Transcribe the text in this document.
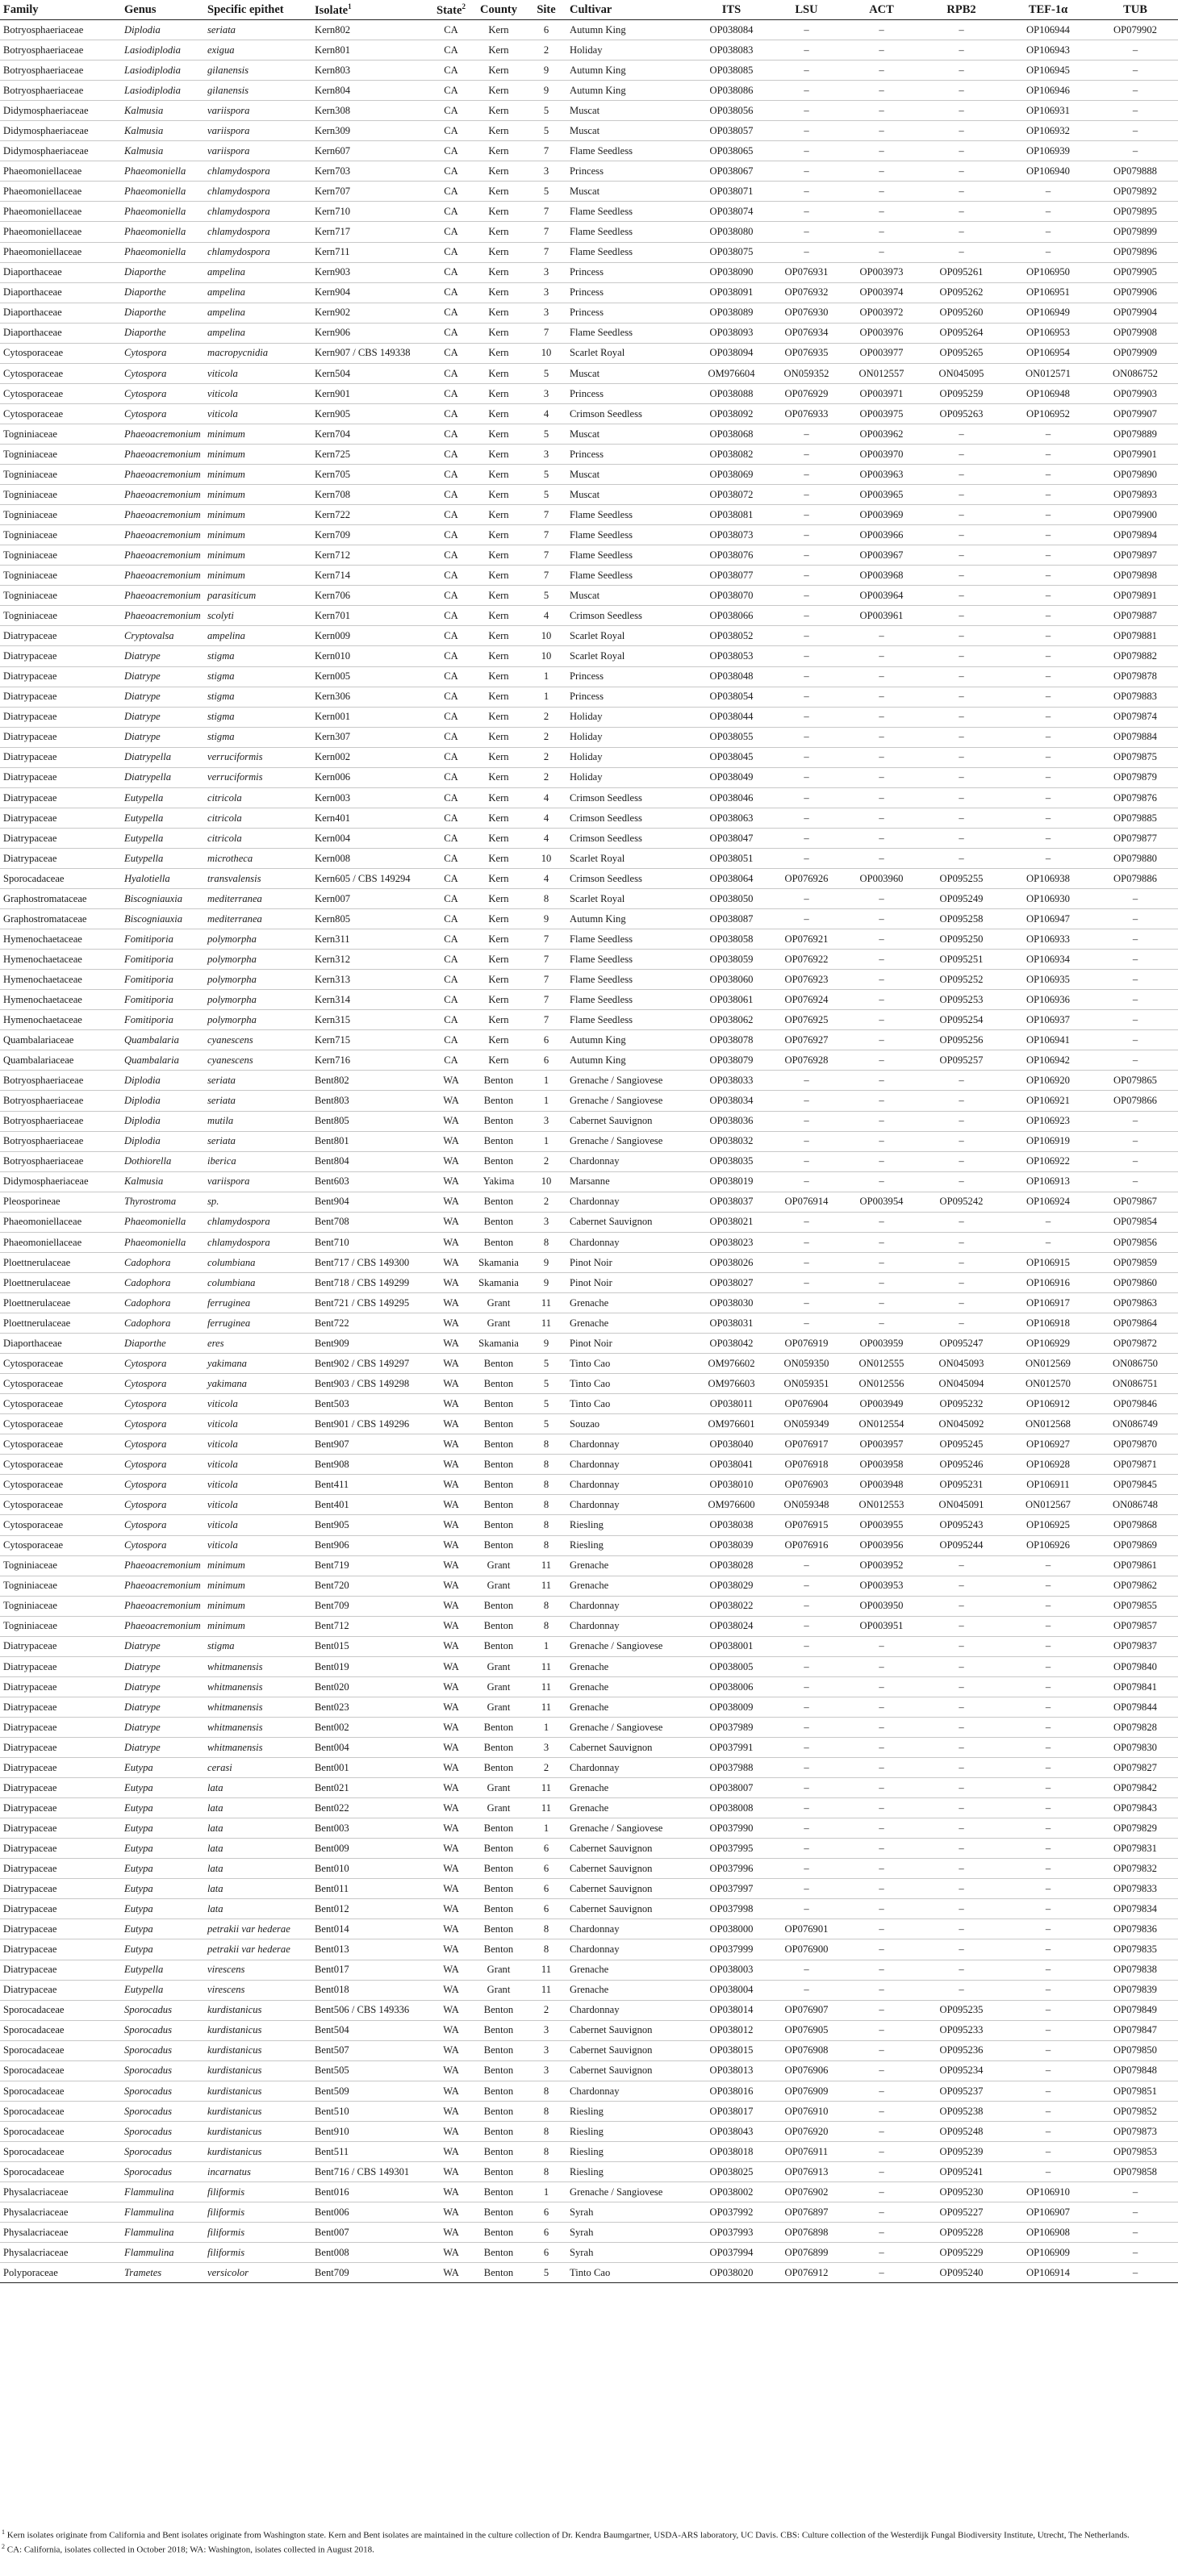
Family	Genus	Specific epithet	Isolate$^1$	State$^2$	County	Site	Cultivar	ITS	LSU	ACT	RPB2	TEF-1α	TUB
Botryosphaeriaceae	Diplodia	seriata	Kern802	CA	Kern	6	Autumn King	OP038084	–	–	–	OP106944	OP079902
Botryosphaeriaceae	Lasiodiplodia	exigua	Kern801	CA	Kern	2	Holiday	OP038083	–	–	–	OP106943	–
Botryosphaeriaceae	Lasiodiplodia	gilanensis	Kern803	CA	Kern	9	Autumn King	OP038085	–	–	–	OP106945	–
Botryosphaeriaceae	Lasiodiplodia	gilanensis	Kern804	CA	Kern	9	Autumn King	OP038086	–	–	–	OP106946	–
Didymosphaeriaceae	Kalmusia	variispora	Kern308	CA	Kern	5	Muscat	OP038056	–	–	–	OP106931	–
Didymosphaeriaceae	Kalmusia	variispora	Kern309	CA	Kern	5	Muscat	OP038057	–	–	–	OP106932	–
Didymosphaeriaceae	Kalmusia	variispora	Kern607	CA	Kern	7	Flame Seedless	OP038065	–	–	–	OP106939	–
Phaeomoniellaceae	Phaeomoniella	chlamydospora	Kern703	CA	Kern	3	Princess	OP038067	–	–	–	OP106940	OP079888
Phaeomoniellaceae	Phaeomoniella	chlamydospora	Kern707	CA	Kern	5	Muscat	OP038071	–	–	–	–	OP079892
Phaeomoniellaceae	Phaeomoniella	chlamydospora	Kern710	CA	Kern	7	Flame Seedless	OP038074	–	–	–	–	OP079895
Phaeomoniellaceae	Phaeomoniella	chlamydospora	Kern717	CA	Kern	7	Flame Seedless	OP038080	–	–	–	–	OP079899
Phaeomoniellaceae	Phaeomoniella	chlamydospora	Kern711	CA	Kern	7	Flame Seedless	OP038075	–	–	–	–	OP079896
Diaporthaceae	Diaporthe	ampelina	Kern903	CA	Kern	3	Princess	OP038090	OP076931	OP003973	OP095261	OP106950	OP079905
Diaporthaceae	Diaporthe	ampelina	Kern904	CA	Kern	3	Princess	OP038091	OP076932	OP003974	OP095262	OP106951	OP079906
Diaporthaceae	Diaporthe	ampelina	Kern902	CA	Kern	3	Princess	OP038089	OP076930	OP003972	OP095260	OP106949	OP079904
Diaporthaceae	Diaporthe	ampelina	Kern906	CA	Kern	7	Flame Seedless	OP038093	OP076934	OP003976	OP095264	OP106953	OP079908
Cytosporaceae	Cytospora	macropycnidia	Kern907 / CBS 149338	CA	Kern	10	Scarlet Royal	OP038094	OP076935	OP003977	OP095265	OP106954	OP079909
Cytosporaceae	Cytospora	viticola	Kern504	CA	Kern	5	Muscat	OM976604	ON059352	ON012557	ON045095	ON012571	ON086752
Cytosporaceae	Cytospora	viticola	Kern901	CA	Kern	3	Princess	OP038088	OP076929	OP003971	OP095259	OP106948	OP079903
Cytosporaceae	Cytospora	viticola	Kern905	CA	Kern	4	Crimson Seedless	OP038092	OP076933	OP003975	OP095263	OP106952	OP079907
Togniniaceae	Phaeoacremonium	minimum	Kern704	CA	Kern	5	Muscat	OP038068	–	OP003962	–	–	OP079889
Togniniaceae	Phaeoacremonium	minimum	Kern725	CA	Kern	3	Princess	OP038082	–	OP003970	–	–	OP079901
Togniniaceae	Phaeoacremonium	minimum	Kern705	CA	Kern	5	Muscat	OP038069	–	OP003963	–	–	OP079890
Togniniaceae	Phaeoacremonium	minimum	Kern708	CA	Kern	5	Muscat	OP038072	–	OP003965	–	–	OP079893
Togniniaceae	Phaeoacremonium	minimum	Kern722	CA	Kern	7	Flame Seedless	OP038081	–	OP003969	–	–	OP079900
Togniniaceae	Phaeoacremonium	minimum	Kern709	CA	Kern	7	Flame Seedless	OP038073	–	OP003966	–	–	OP079894
Togniniaceae	Phaeoacremonium	minimum	Kern712	CA	Kern	7	Flame Seedless	OP038076	–	OP003967	–	–	OP079897
Togniniaceae	Phaeoacremonium	minimum	Kern714	CA	Kern	7	Flame Seedless	OP038077	–	OP003968	–	–	OP079898
Togniniaceae	Phaeoacremonium	parasiticum	Kern706	CA	Kern	5	Muscat	OP038070	–	OP003964	–	–	OP079891
Togniniaceae	Phaeoacremonium	scolyti	Kern701	CA	Kern	4	Crimson Seedless	OP038066	–	OP003961	–	–	OP079887
Diatrypaceae	Cryptovalsa	ampelina	Kern009	CA	Kern	10	Scarlet Royal	OP038052	–	–	–	–	OP079881
Diatrypaceae	Diatrype	stigma	Kern010	CA	Kern	10	Scarlet Royal	OP038053	–	–	–	–	OP079882
Diatrypaceae	Diatrype	stigma	Kern005	CA	Kern	1	Princess	OP038048	–	–	–	–	OP079878
Diatrypaceae	Diatrype	stigma	Kern306	CA	Kern	1	Princess	OP038054	–	–	–	–	OP079883
Diatrypaceae	Diatrype	stigma	Kern001	CA	Kern	2	Holiday	OP038044	–	–	–	–	OP079874
Diatrypaceae	Diatrype	stigma	Kern307	CA	Kern	2	Holiday	OP038055	–	–	–	–	OP079884
Diatrypaceae	Diatrypella	verruciformis	Kern002	CA	Kern	2	Holiday	OP038045	–	–	–	–	OP079875
Diatrypaceae	Diatrypella	verruciformis	Kern006	CA	Kern	2	Holiday	OP038049	–	–	–	–	OP079879
Diatrypaceae	Eutypella	citricola	Kern003	CA	Kern	4	Crimson Seedless	OP038046	–	–	–	–	OP079876
Diatrypaceae	Eutypella	citricola	Kern401	CA	Kern	4	Crimson Seedless	OP038063	–	–	–	–	OP079885
Diatrypaceae	Eutypella	citricola	Kern004	CA	Kern	4	Crimson Seedless	OP038047	–	–	–	–	OP079877
Diatrypaceae	Eutypella	microtheca	Kern008	CA	Kern	10	Scarlet Royal	OP038051	–	–	–	–	OP079880
Sporocadaceae	Hyalotiella	transvalensis	Kern605 / CBS 149294	CA	Kern	4	Crimson Seedless	OP038064	OP076926	OP003960	OP095255	OP106938	OP079886
Graphostromataceae	Biscogniauxia	mediterranea	Kern007	CA	Kern	8	Scarlet Royal	OP038050	–	–	OP095249	OP106930	–
Graphostromataceae	Biscogniauxia	mediterranea	Kern805	CA	Kern	9	Autumn King	OP038087	–	–	OP095258	OP106947	–
Hymenochaetaceae	Fomitiporia	polymorpha	Kern311	CA	Kern	7	Flame Seedless	OP038058	OP076921	–	OP095250	OP106933	–
Hymenochaetaceae	Fomitiporia	polymorpha	Kern312	CA	Kern	7	Flame Seedless	OP038059	OP076922	–	OP095251	OP106934	–
Hymenochaetaceae	Fomitiporia	polymorpha	Kern313	CA	Kern	7	Flame Seedless	OP038060	OP076923	–	OP095252	OP106935	–
Hymenochaetaceae	Fomitiporia	polymorpha	Kern314	CA	Kern	7	Flame Seedless	OP038061	OP076924	–	OP095253	OP106936	–
Hymenochaetaceae	Fomitiporia	polymorpha	Kern315	CA	Kern	7	Flame Seedless	OP038062	OP076925	–	OP095254	OP106937	–
Quambalariaceae	Quambalaria	cyanescens	Kern715	CA	Kern	6	Autumn King	OP038078	OP076927	–	OP095256	OP106941	–
Quambalariaceae	Quambalaria	cyanescens	Kern716	CA	Kern	6	Autumn King	OP038079	OP076928	–	OP095257	OP106942	–
Botryosphaeriaceae	Diplodia	seriata	Bent802	WA	Benton	1	Grenache / Sangiovese	OP038033	–	–	–	OP106920	OP079865
Botryosphaeriaceae	Diplodia	seriata	Bent803	WA	Benton	1	Grenache / Sangiovese	OP038034	–	–	–	OP106921	OP079866
Botryosphaeriaceae	Diplodia	mutila	Bent805	WA	Benton	3	Cabernet Sauvignon	OP038036	–	–	–	OP106923	–
Botryosphaeriaceae	Diplodia	seriata	Bent801	WA	Benton	1	Grenache / Sangiovese	OP038032	–	–	–	OP106919	–
Botryosphaeriaceae	Dothiorella	iberica	Bent804	WA	Benton	2	Chardonnay	OP038035	–	–	–	OP106922	–
Didymosphaeriaceae	Kalmusia	variispora	Bent603	WA	Yakima	10	Marsanne	OP038019	–	–	–	OP106913	–
Pleosporineae	Thyrostroma	sp.	Bent904	WA	Benton	2	Chardonnay	OP038037	OP076914	OP003954	OP095242	OP106924	OP079867
Phaeomoniellaceae	Phaeomoniella	chlamydospora	Bent708	WA	Benton	3	Cabernet Sauvignon	OP038021	–	–	–	–	OP079854
Phaeomoniellaceae	Phaeomoniella	chlamydospora	Bent710	WA	Benton	8	Chardonnay	OP038023	–	–	–	–	OP079856
Ploettnerulaceae	Cadophora	columbiana	Bent717 / CBS 149300	WA	Skamania	9	Pinot Noir	OP038026	–	–	–	OP106915	OP079859
Ploettnerulaceae	Cadophora	columbiana	Bent718 / CBS 149299	WA	Skamania	9	Pinot Noir	OP038027	–	–	–	OP106916	OP079860
Ploettnerulaceae	Cadophora	ferruginea	Bent721 / CBS 149295	WA	Grant	11	Grenache	OP038030	–	–	–	OP106917	OP079863
Ploettnerulaceae	Cadophora	ferruginea	Bent722	WA	Grant	11	Grenache	OP038031	–	–	–	OP106918	OP079864
Diaporthaceae	Diaporthe	eres	Bent909	WA	Skamania	9	Pinot Noir	OP038042	OP076919	OP003959	OP095247	OP106929	OP079872
Cytosporaceae	Cytospora	yakimana	Bent902 / CBS 149297	WA	Benton	5	Tinto Cao	OM976602	ON059350	ON012555	ON045093	ON012569	ON086750
Cytosporaceae	Cytospora	yakimana	Bent903 / CBS 149298	WA	Benton	5	Tinto Cao	OM976603	ON059351	ON012556	ON045094	ON012570	ON086751
Cytosporaceae	Cytospora	viticola	Bent503	WA	Benton	5	Tinto Cao	OP038011	OP076904	OP003949	OP095232	OP106912	OP079846
Cytosporaceae	Cytospora	viticola	Bent901 / CBS 149296	WA	Benton	5	Souzao	OM976601	ON059349	ON012554	ON045092	ON012568	ON086749
Cytosporaceae	Cytospora	viticola	Bent907	WA	Benton	8	Chardonnay	OP038040	OP076917	OP003957	OP095245	OP106927	OP079870
Cytosporaceae	Cytospora	viticola	Bent908	WA	Benton	8	Chardonnay	OP038041	OP076918	OP003958	OP095246	OP106928	OP079871
Cytosporaceae	Cytospora	viticola	Bent411	WA	Benton	8	Chardonnay	OP038010	OP076903	OP003948	OP095231	OP106911	OP079845
Cytosporaceae	Cytospora	viticola	Bent401	WA	Benton	8	Chardonnay	OM976600	ON059348	ON012553	ON045091	ON012567	ON086748
Cytosporaceae	Cytospora	viticola	Bent905	WA	Benton	8	Riesling	OP038038	OP076915	OP003955	OP095243	OP106925	OP079868
Cytosporaceae	Cytospora	viticola	Bent906	WA	Benton	8	Riesling	OP038039	OP076916	OP003956	OP095244	OP106926	OP079869
Togniniaceae	Phaeoacremonium	minimum	Bent719	WA	Grant	11	Grenache	OP038028	–	OP003952	–	–	OP079861
Togniniaceae	Phaeoacremonium	minimum	Bent720	WA	Grant	11	Grenache	OP038029	–	OP003953	–	–	OP079862
Togniniaceae	Phaeoacremonium	minimum	Bent709	WA	Benton	8	Chardonnay	OP038022	–	OP003950	–	–	OP079855
Togniniaceae	Phaeoacremonium	minimum	Bent712	WA	Benton	8	Chardonnay	OP038024	–	OP003951	–	–	OP079857
Diatrypaceae	Diatrype	stigma	Bent015	WA	Benton	1	Grenache / Sangiovese	OP038001	–	–	–	–	OP079837
Diatrypaceae	Diatrype	whitmanensis	Bent019	WA	Grant	11	Grenache	OP038005	–	–	–	–	OP079840
Diatrypaceae	Diatrype	whitmanensis	Bent020	WA	Grant	11	Grenache	OP038006	–	–	–	–	OP079841
Diatrypaceae	Diatrype	whitmanensis	Bent023	WA	Grant	11	Grenache	OP038009	–	–	–	–	OP079844
Diatrypaceae	Diatrype	whitmanensis	Bent002	WA	Benton	1	Grenache / Sangiovese	OP037989	–	–	–	–	OP079828
Diatrypaceae	Diatrype	whitmanensis	Bent004	WA	Benton	3	Cabernet Sauvignon	OP037991	–	–	–	–	OP079830
Diatrypaceae	Eutypa	cerasi	Bent001	WA	Benton	2	Chardonnay	OP037988	–	–	–	–	OP079827
Diatrypaceae	Eutypa	lata	Bent021	WA	Grant	11	Grenache	OP038007	–	–	–	–	OP079842
Diatrypaceae	Eutypa	lata	Bent022	WA	Grant	11	Grenache	OP038008	–	–	–	–	OP079843
Diatrypaceae	Eutypa	lata	Bent003	WA	Benton	1	Grenache / Sangiovese	OP037990	–	–	–	–	OP079829
Diatrypaceae	Eutypa	lata	Bent009	WA	Benton	6	Cabernet Sauvignon	OP037995	–	–	–	–	OP079831
Diatrypaceae	Eutypa	lata	Bent010	WA	Benton	6	Cabernet Sauvignon	OP037996	–	–	–	–	OP079832
Diatrypaceae	Eutypa	lata	Bent011	WA	Benton	6	Cabernet Sauvignon	OP037997	–	–	–	–	OP079833
Diatrypaceae	Eutypa	lata	Bent012	WA	Benton	6	Cabernet Sauvignon	OP037998	–	–	–	–	OP079834
Diatrypaceae	Eutypa	petrakii var hederae	Bent014	WA	Benton	8	Chardonnay	OP038000	OP076901	–	–	–	OP079836
Diatrypaceae	Eutypa	petrakii var hederae	Bent013	WA	Benton	8	Chardonnay	OP037999	OP076900	–	–	–	OP079835
Diatrypaceae	Eutypella	virescens	Bent017	WA	Grant	11	Grenache	OP038003	–	–	–	–	OP079838
Diatrypaceae	Eutypella	virescens	Bent018	WA	Grant	11	Grenache	OP038004	–	–	–	–	OP079839
Sporocadaceae	Sporocadus	kurdistanicus	Bent506 / CBS 149336	WA	Benton	2	Chardonnay	OP038014	OP076907	–	OP095235	–	OP079849
Sporocadaceae	Sporocadus	kurdistanicus	Bent504	WA	Benton	3	Cabernet Sauvignon	OP038012	OP076905	–	OP095233	–	OP079847
Sporocadaceae	Sporocadus	kurdistanicus	Bent507	WA	Benton	3	Cabernet Sauvignon	OP038015	OP076908	–	OP095236	–	OP079850
Sporocadaceae	Sporocadus	kurdistanicus	Bent505	WA	Benton	3	Cabernet Sauvignon	OP038013	OP076906	–	OP095234	–	OP079848
Sporocadaceae	Sporocadus	kurdistanicus	Bent509	WA	Benton	8	Chardonnay	OP038016	OP076909	–	OP095237	–	OP079851
Sporocadaceae	Sporocadus	kurdistanicus	Bent510	WA	Benton	8	Riesling	OP038017	OP076910	–	OP095238	–	OP079852
Sporocadaceae	Sporocadus	kurdistanicus	Bent910	WA	Benton	8	Riesling	OP038043	OP076920	–	OP095248	–	OP079873
Sporocadaceae	Sporocadus	kurdistanicus	Bent511	WA	Benton	8	Riesling	OP038018	OP076911	–	OP095239	–	OP079853
Sporocadaceae	Sporocadus	incarnatus	Bent716 / CBS 149301	WA	Benton	8	Riesling	OP038025	OP076913	–	OP095241	–	OP079858
Physalacriaceae	Flammulina	filiformis	Bent016	WA	Benton	1	Grenache / Sangiovese	OP038002	OP076902	–	OP095230	OP106910	–
Physalacriaceae	Flammulina	filiformis	Bent006	WA	Benton	6	Syrah	OP037992	OP076897	–	OP095227	OP106907	–
Physalacriaceae	Flammulina	filiformis	Bent007	WA	Benton	6	Syrah	OP037993	OP076898	–	OP095228	OP106908	–
Physalacriaceae	Flammulina	filiformis	Bent008	WA	Benton	6	Syrah	OP037994	OP076899	–	OP095229	OP106909	–
Polyporaceae	Trametes	versicolor	Bent709	WA	Benton	5	Tinto Cao	OP038020	OP076912	–	OP095240	OP106914	–

$^1$ Kern isolates originate from California and Bent isolates originate from Washington state. Kern and Bent isolates are maintained in the culture collection of Dr. Kendra Baumgartner, USDA-ARS laboratory, UC Davis. CBS: Culture collection of the Westerdijk Fungal Biodiversity Institute, Utrecht, The Netherlands.

$^2$ CA: California, isolates collected in October 2018; WA: Washington, isolates collected in August 2018.
